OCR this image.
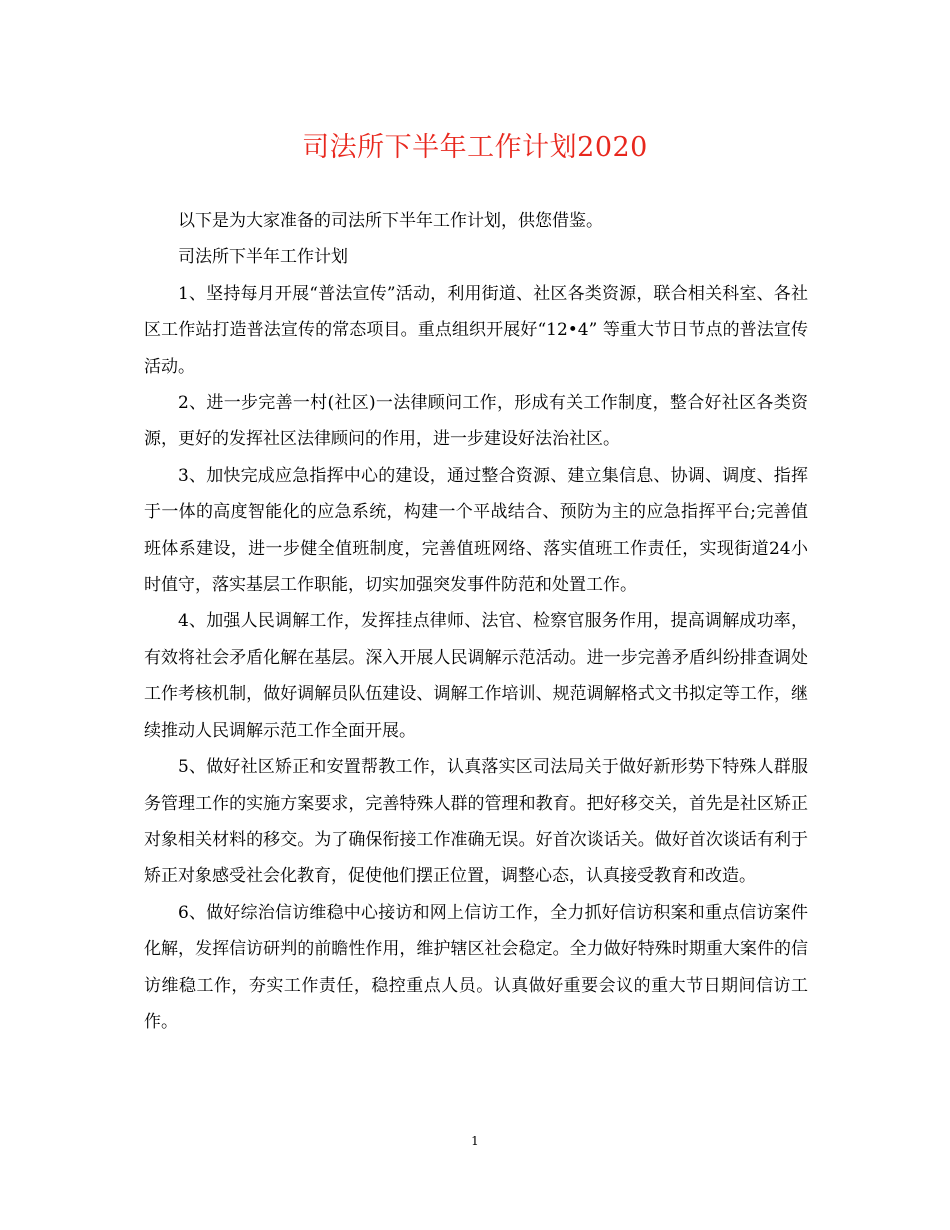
司法所下半年工作计划2020

以下是为大家准备的司法所下半年工作计划，供您借鉴。

司法所下半年工作计划

1、坚持每月开展“普法宣传”活动，利用街道、社区各类资源，联合相关科室、各社区工作站打造普法宣传的常态项目。重点组织开展好“12•4” 等重大节日节点的普法宣传活动。

2、进一步完善一村(社区)一法律顾问工作，形成有关工作制度，整合好社区各类资源，更好的发挥社区法律顾问的作用，进一步建设好法治社区。

3、加快完成应急指挥中心的建设，通过整合资源、建立集信息、协调、调度、指挥于一体的高度智能化的应急系统，构建一个平战结合、预防为主的应急指挥平台;完善值班体系建设，进一步健全值班制度，完善值班网络、落实值班工作责任，实现街道24小时值守，落实基层工作职能，切实加强突发事件防范和处置工作。

4、加强人民调解工作，发挥挂点律师、法官、检察官服务作用，提高调解成功率，有效将社会矛盾化解在基层。深入开展人民调解示范活动。进一步完善矛盾纠纷排查调处工作考核机制，做好调解员队伍建设、调解工作培训、规范调解格式文书拟定等工作，继续推动人民调解示范工作全面开展。

5、做好社区矫正和安置帮教工作，认真落实区司法局关于做好新形势下特殊人群服务管理工作的实施方案要求，完善特殊人群的管理和教育。把好移交关，首先是社区矫正对象相关材料的移交。为了确保衔接工作准确无误。好首次谈话关。做好首次谈话有利于矫正对象感受社会化教育，促使他们摆正位置，调整心态，认真接受教育和改造。

6、做好综治信访维稳中心接访和网上信访工作，全力抓好信访积案和重点信访案件化解，发挥信访研判的前瞻性作用，维护辖区社会稳定。全力做好特殊时期重大案件的信访维稳工作，夯实工作责任，稳控重点人员。认真做好重要会议的重大节日期间信访工作。

1
